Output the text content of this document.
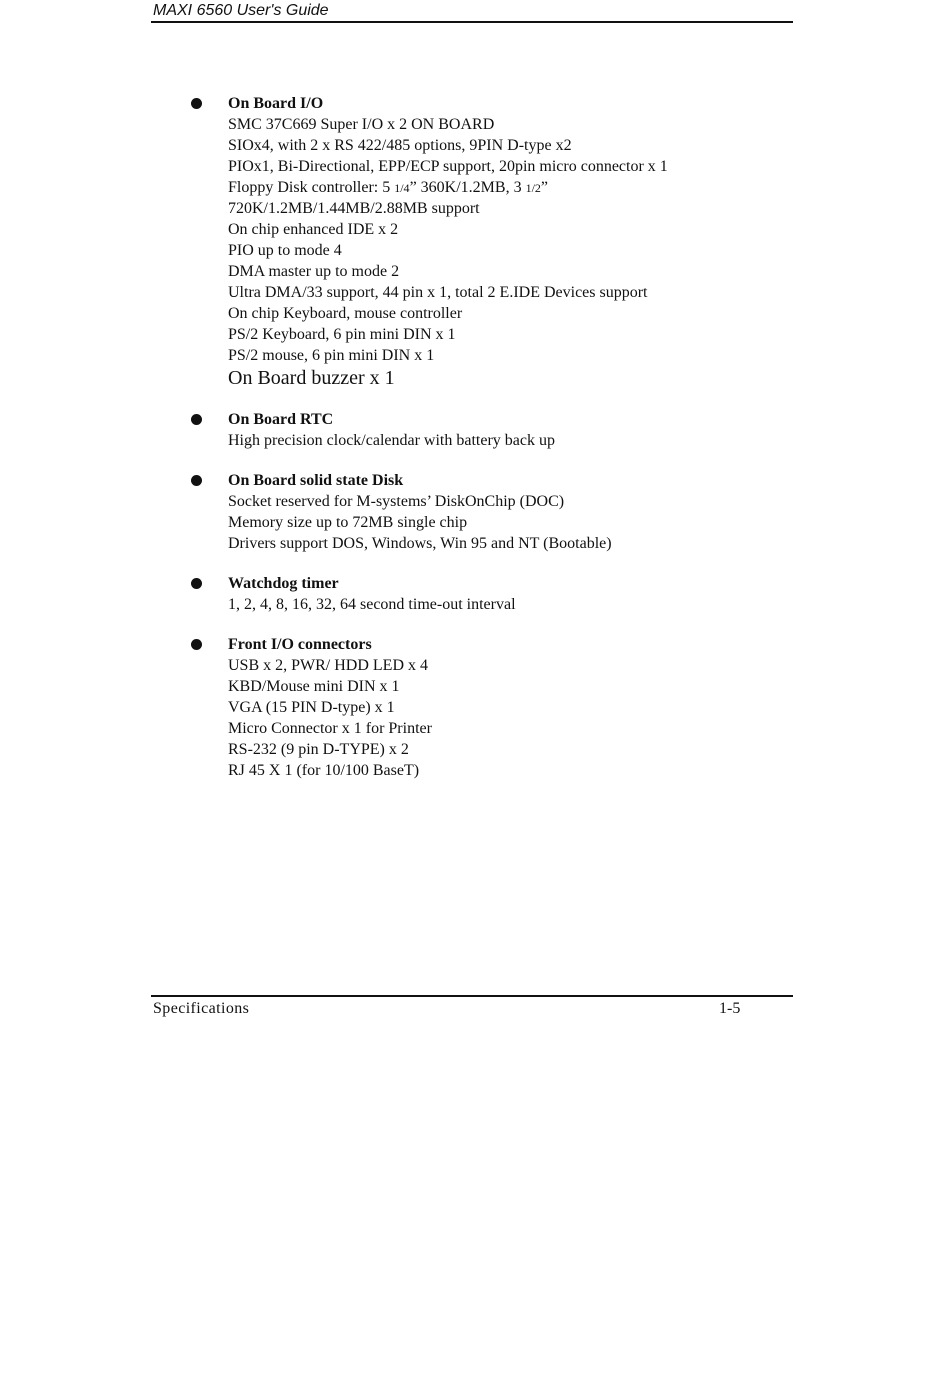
MAXI 6560 User's Guide
On Board I/O
SMC 37C669 Super I/O x 2 ON BOARD
SIOx4, with 2 x RS 422/485 options, 9PIN D-type x2
PIOx1, Bi-Directional, EPP/ECP support, 20pin micro connector x 1
Floppy Disk controller: 5 1/4” 360K/1.2MB, 3 1/2”
720K/1.2MB/1.44MB/2.88MB support
On chip enhanced IDE x 2
PIO up to mode 4
DMA master up to mode 2
Ultra DMA/33 support, 44 pin x 1, total 2 E.IDE Devices support
On chip Keyboard, mouse controller
PS/2 Keyboard, 6 pin mini DIN x 1
PS/2 mouse, 6 pin mini DIN x 1
On Board buzzer x 1
On Board RTC
High precision clock/calendar with battery back up
On Board solid state Disk
Socket reserved for M-systems’ DiskOnChip (DOC)
Memory size up to 72MB single chip
Drivers support DOS, Windows, Win 95 and NT (Bootable)
Watchdog timer
1, 2, 4, 8, 16, 32, 64 second time-out interval
Front I/O connectors
USB x 2, PWR/ HDD LED x 4
KBD/Mouse mini DIN x 1
VGA (15 PIN D-type) x 1
Micro Connector x 1 for Printer
RS-232 (9 pin D-TYPE) x 2
RJ 45 X 1 (for 10/100 BaseT)
Specifications	1-5
